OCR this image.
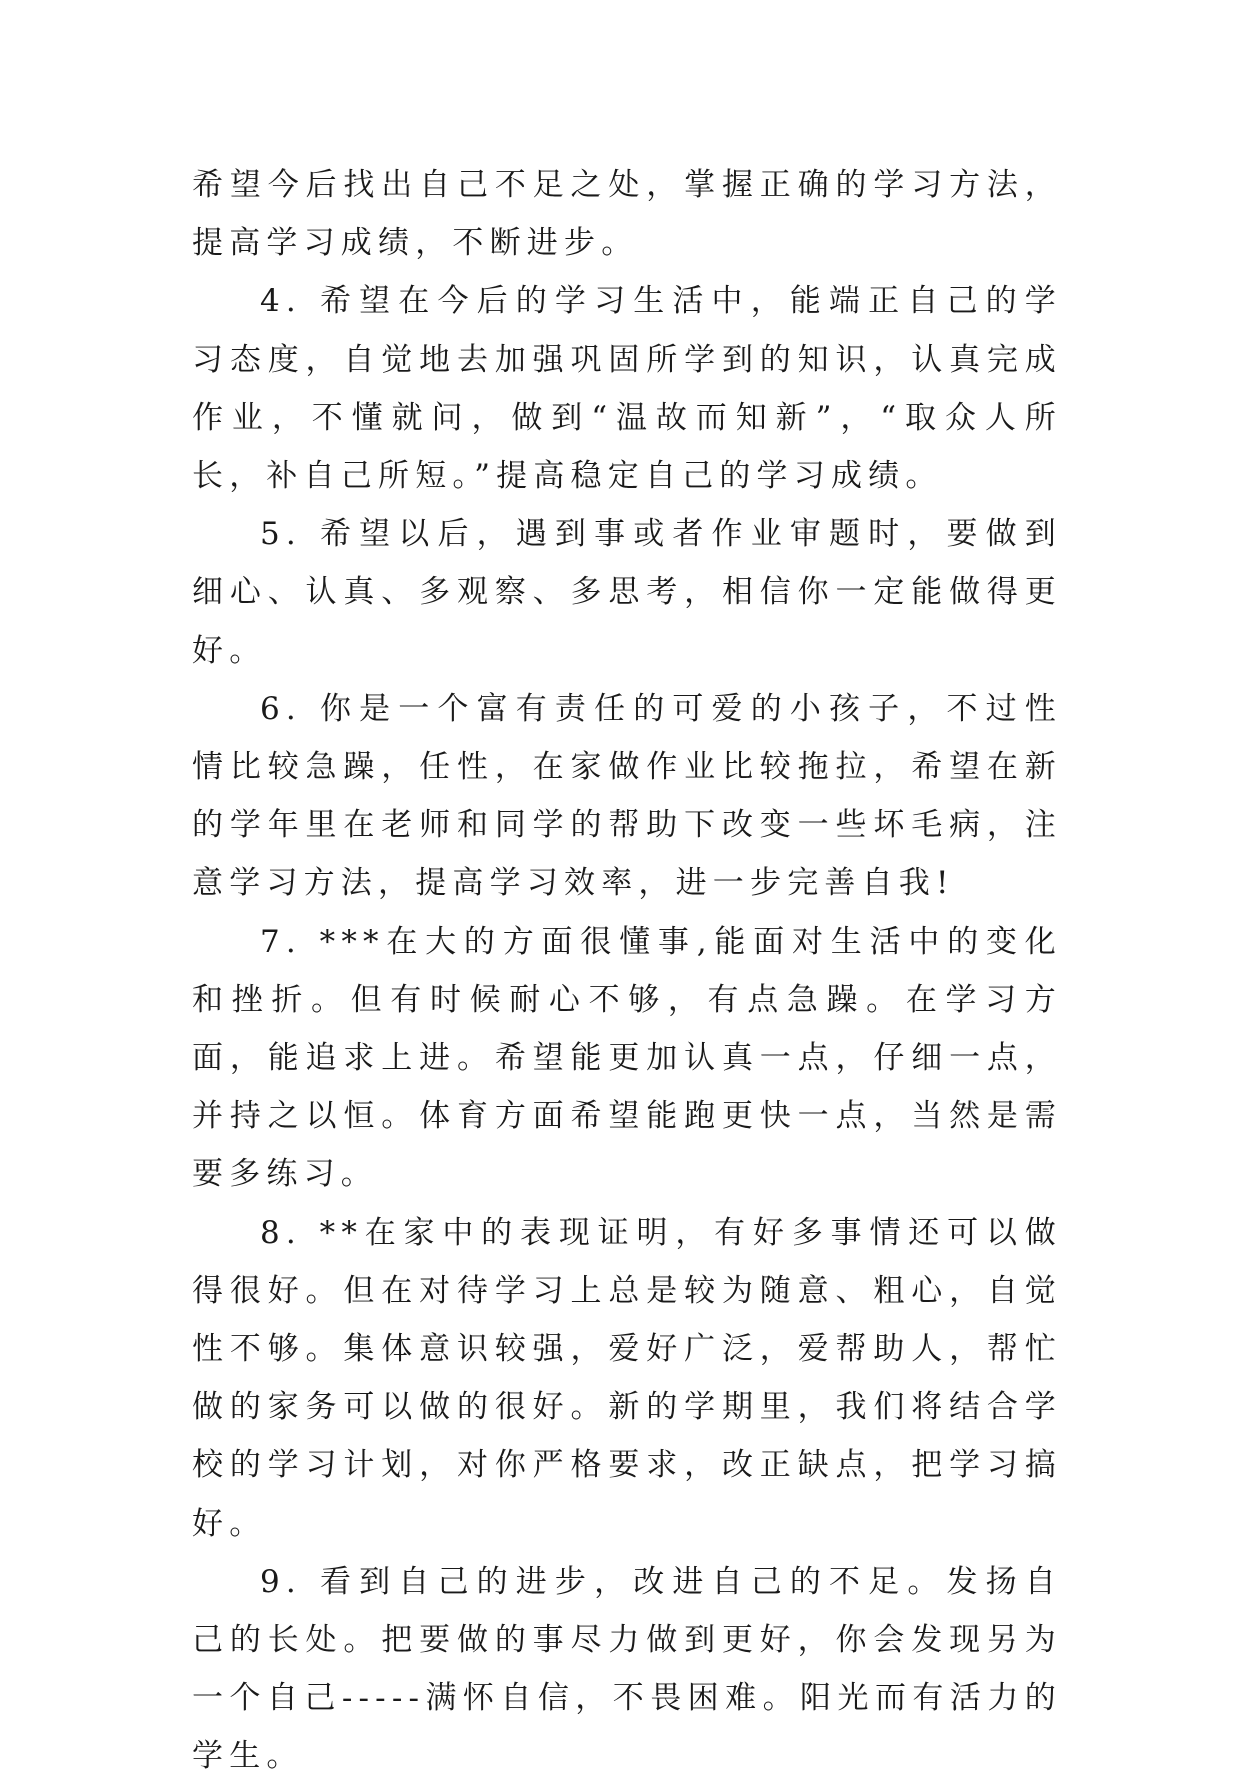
希望今后找出自己不足之处，掌握正确的学习方法，提高学习成绩，不断进步。

4. 希望在今后的学习生活中，能端正自己的学习态度，自觉地去加强巩固所学到的知识，认真完成作业，不懂就问，做到“温故而知新”，“取众人所长，补自己所短。”提高稳定自己的学习成绩。

5. 希望以后，遇到事或者作业审题时，要做到细心、认真、多观察、多思考，相信你一定能做得更好。

6. 你是一个富有责任的可爱的小孩子，不过性情比较急躁，任性，在家做作业比较拖拉，希望在新的学年里在老师和同学的帮助下改变一些坏毛病，注意学习方法，提高学习效率，进一步完善自我!

7. ***在大的方面很懂事,能面对生活中的变化和挫折。但有时候耐心不够，有点急躁。在学习方面，能追求上进。希望能更加认真一点，仔细一点，并持之以恒。体育方面希望能跑更快一点，当然是需要多练习。

8. **在家中的表现证明，有好多事情还可以做得很好。但在对待学习上总是较为随意、粗心，自觉性不够。集体意识较强，爱好广泛，爱帮助人，帮忙做的家务可以做的很好。新的学期里，我们将结合学校的学习计划，对你严格要求，改正缺点，把学习搞好。

9. 看到自己的进步，改进自己的不足。发扬自己的长处。把要做的事尽力做到更好，你会发现另为一个自己-----满怀自信，不畏困难。阳光而有活力的学生。
